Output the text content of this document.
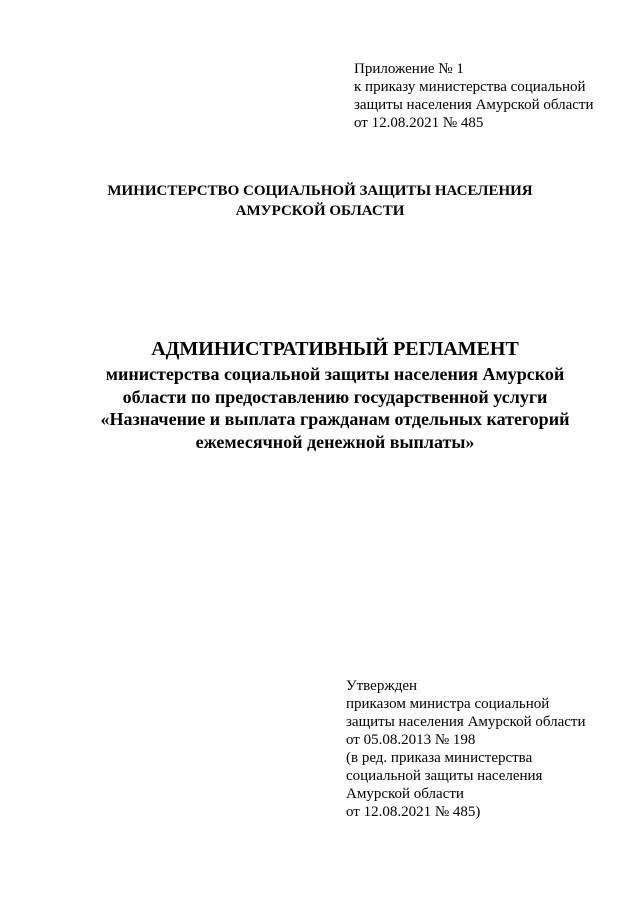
Приложение № 1
к приказу министерства социальной
защиты населения Амурской области
от 12.08.2021 № 485
МИНИСТЕРСТВО СОЦИАЛЬНОЙ ЗАЩИТЫ НАСЕЛЕНИЯ
АМУРСКОЙ ОБЛАСТИ
АДМИНИСТРАТИВНЫЙ РЕГЛАМЕНТ
министерства социальной защиты населения Амурской
области по предоставлению государственной услуги
«Назначение и выплата гражданам отдельных категорий
ежемесячной денежной выплаты»
Утвержден
приказом министра социальной
защиты населения Амурской области
от 05.08.2013 № 198
(в ред. приказа министерства
социальной защиты населения
Амурской области
от 12.08.2021 № 485)
